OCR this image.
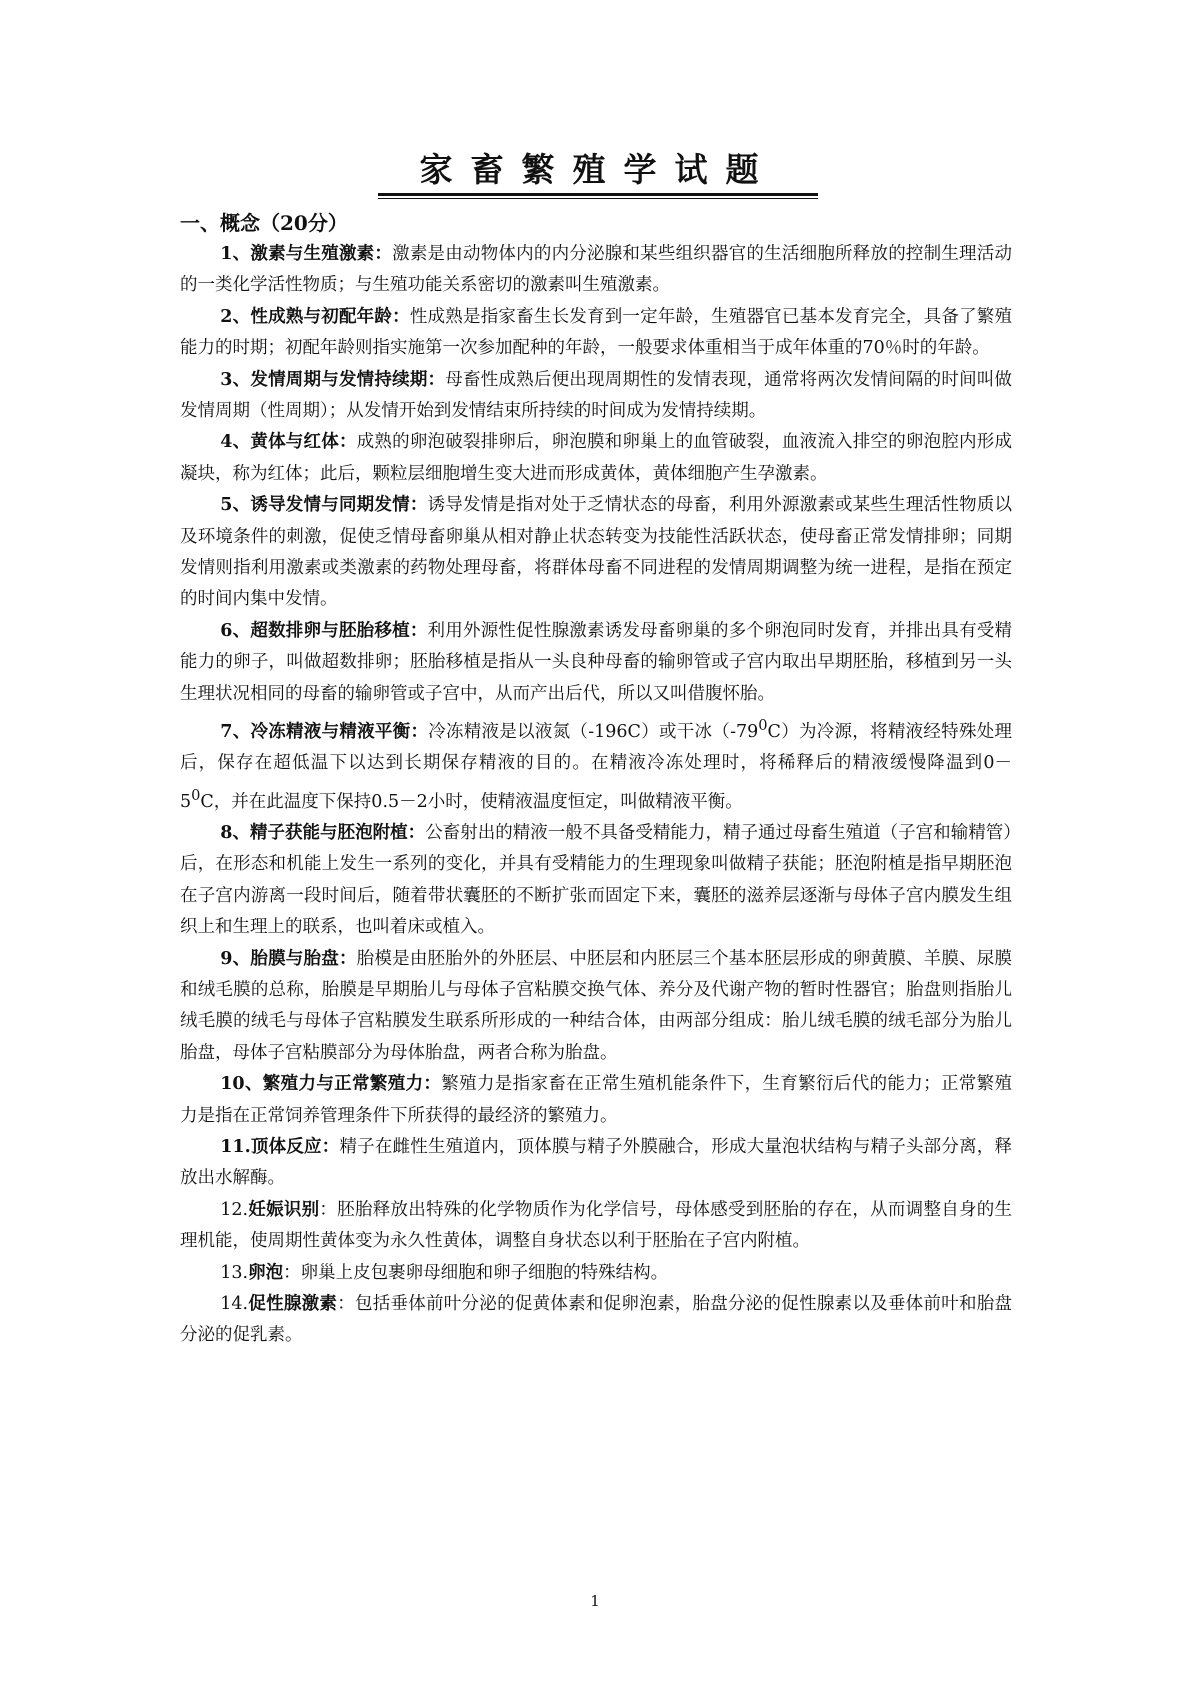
家畜繁殖学试题
一、概念（20分）

1、激素与生殖激素：激素是由动物体内的内分泌腺和某些组织器官的生活细胞所释放的控制生理活动的一类化学活性物质；与生殖功能关系密切的激素叫生殖激素。

2、性成熟与初配年龄：性成熟是指家畜生长发育到一定年龄，生殖器官已基本发育完全，具备了繁殖能力的时期；初配年龄则指实施第一次参加配种的年龄，一般要求体重相当于成年体重的70％时的年龄。

3、发情周期与发情持续期：母畜性成熟后便出现周期性的发情表现，通常将两次发情间隔的时间叫做发情周期（性周期）；从发情开始到发情结束所持续的时间成为发情持续期。

4、黄体与红体：成熟的卵泡破裂排卵后，卵泡膜和卵巢上的血管破裂，血液流入排空的卵泡腔内形成凝块，称为红体；此后，颗粒层细胞增生变大进而形成黄体，黄体细胞产生孕激素。

5、诱导发情与同期发情：诱导发情是指对处于乏情状态的母畜，利用外源激素或某些生理活性物质以及环境条件的刺激，促使乏情母畜卵巢从相对静止状态转变为技能性活跃状态，使母畜正常发情排卵；同期发情则指利用激素或类激素的药物处理母畜，将群体母畜不同进程的发情周期调整为统一进程，是指在预定的时间内集中发情。

6、超数排卵与胚胎移植：利用外源性促性腺激素诱发母畜卵巢的多个卵泡同时发育，并排出具有受精能力的卵子，叫做超数排卵；胚胎移植是指从一头良种母畜的输卵管或子宫内取出早期胚胎，移植到另一头生理状况相同的母畜的输卵管或子宫中，从而产出后代，所以又叫借腹怀胎。

7、冷冻精液与精液平衡：冷冻精液是以液氮（-196C）或干冰$(-79^0C)$为冷源，将精液经特殊处理后，保存在超低温下以达到长期保存精液的目的。在精液冷冻处理时，将稀释后的精液缓慢降温到$0-5^0C$，并在此温度下保持0.5－2小时，使精液温度恒定，叫做精液平衡。

8、精子获能与胚泡附植：公畜射出的精液一般不具备受精能力，精子通过母畜生殖道（子宫和输精管）后，在形态和机能上发生一系列的变化，并具有受精能力的生理现象叫做精子获能；胚泡附植是指早期胚泡在子宫内游离一段时间后，随着带状囊胚的不断扩张而固定下来，囊胚的滋养层逐渐与母体子宫内膜发生组织上和生理上的联系，也叫着床或植入。

9、胎膜与胎盘：胎模是由胚胎外的外胚层、中胚层和内胚层三个基本胚层形成的卵黄膜、羊膜、尿膜和绒毛膜的总称，胎膜是早期胎儿与母体子宫粘膜交换气体、养分及代谢产物的暂时性器官；胎盘则指胎儿绒毛膜的绒毛与母体子宫粘膜发生联系所形成的一种结合体，由两部分组成：胎儿绒毛膜的绒毛部分为胎儿胎盘，母体子宫粘膜部分为母体胎盘，两者合称为胎盘。

10、繁殖力与正常繁殖力：繁殖力是指家畜在正常生殖机能条件下，生育繁衍后代的能力；正常繁殖力是指在正常饲养管理条件下所获得的最经济的繁殖力。

11.顶体反应：精子在雌性生殖道内，顶体膜与精子外膜融合，形成大量泡状结构与精子头部分离，释放出水解酶。

12.妊娠识别：胚胎释放出特殊的化学物质作为化学信号，母体感受到胚胎的存在，从而调整自身的生理机能，使周期性黄体变为永久性黄体，调整自身状态以利于胚胎在子宫内附植。

13.卵泡：卵巢上皮包裹卵母细胞和卵子细胞的特殊结构。

14.促性腺激素：包括垂体前叶分泌的促黄体素和促卵泡素，胎盘分泌的促性腺素以及垂体前叶和胎盘分泌的促乳素。

1
